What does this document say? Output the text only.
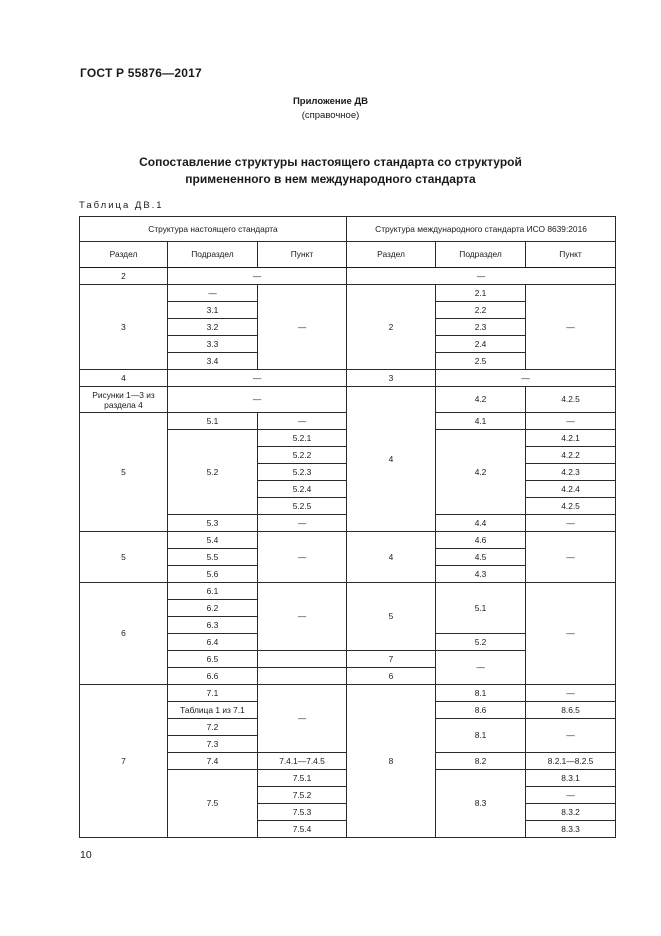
ГОСТ Р 55876—2017
Приложение ДВ
(справочное)
Сопоставление структуры настоящего стандарта со структурой
примененного в нем международного стандарта
Таблица ДВ.1
Структура настоящего стандарта			Структура международного стандарта ИСО 8639:2016		
Раздел	Подраздел	Пункт	Раздел	Подраздел	Пункт
2	—		—		
3	—	—	2	2.1	—
	3.1			2.2	
	3.2			2.3	
	3.3			2.4	
	3.4			2.5	
4	—		3	—	
Рисунки 1—3 из раздела 4	—		4	4.2	4.2.5
5	5.1	—		4.1	—
	5.2	5.2.1		4.2	4.2.1
		5.2.2			4.2.2
		5.2.3			4.2.3
		5.2.4			4.2.4
		5.2.5			4.2.5
	5.3	—		4.4	—
5	5.4	—	4	4.6	—
	5.5			4.5	
	5.6			4.3	
6	6.1	—	5	5.1	—
	6.2				
	6.3				
	6.4			5.2	
	6.5		7	—	
	6.6		6		
7	7.1	—	8	8.1	—
	Таблица 1 из 7.1			8.6	8.6.5
	7.2			8.1	—
	7.3				
	7.4	7.4.1—7.4.5		8.2	8.2.1—8.2.5
	7.5	7.5.1		8.3	8.3.1
		7.5.2			—
		7.5.3			8.3.2
		7.5.4			8.3.3
10
